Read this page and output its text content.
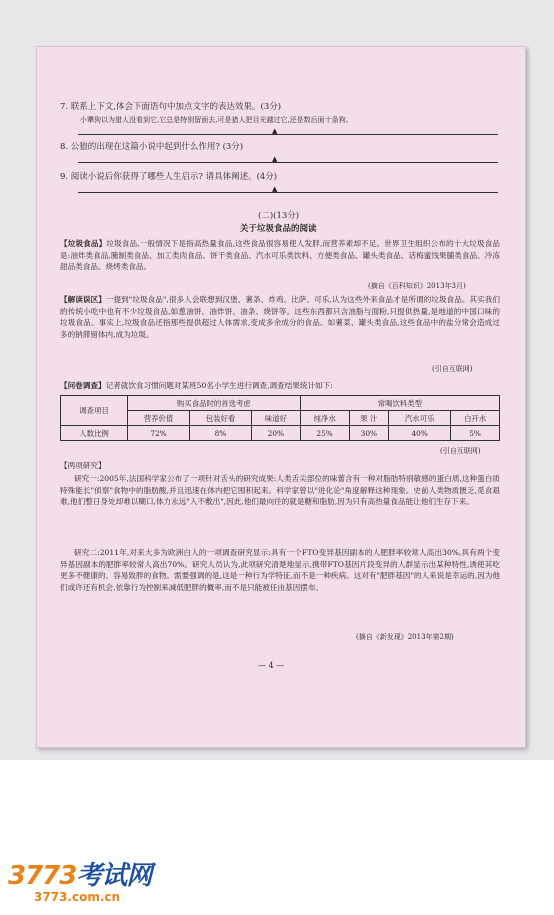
7. 联系上下文,体会下面语句中加点文字的表达效果。(3分)
小犟狗以为猎人没看到它,它总是特别留面去,可是猎人把目光越过它,还是数后面十条狗。
▲
8. 公狼的出现在这篇小说中起到什么作用? (3分)
▲
9. 阅读小说后你获得了哪些人生启示? 请具体阐述。(4分)
▲
(二)(13分)
关于垃圾食品的阅读
【垃圾食品】垃圾食品,一般情况下是指高热量食品,这些食品很容易使人发胖,而营养素却不足。世界卫生组织公布的十大垃圾食品是:油炸类食品,腌制类食品、加工类肉食品、饼干类食品、汽水可乐类饮料、方便类食品、罐头类食品、话梅蜜饯果脯类食品、冷冻甜品类食品、烧烤类食品。
(摘自《百科知识》2013年3月)
【解读误区】一提到"垃圾食品",很多人会联想到汉堡、薯条、炸鸡、比萨、可乐,认为这些外来食品才是所谓的垃圾食品。其实我们的传统小吃中也有不少垃圾食品,如葱油饼、油炸饼、油条、烧饼等。这些东西都只含油脂与面粉,只提供热量,是地道的中国口味的垃圾食品。事实上,垃圾食品还指那些提供超过人体需求,变成多余成分的食品。如薯菜、罐头类食品,这些食品中的盐分常会造成过多的钠滞留体内,成为垃圾。
(引自互联网)
【问卷调查】记者就饮食习惯问题对某班50名小学生进行调查,调查结果统计如下:
调查项目	购买食品时的首选考虑			常喝饮料类型			
	营养价值	包装好看	味道好	纯净水	果 汁	汽水可乐	白开水
人数比例	72%	8%	20%	25%	30%	40%	5%
(引自互联网)
【两项研究】
研究一:2005年,法国科学家公布了一项针对舌头的研究成果:人类舌尖部位的味蕾含有一种对脂肪特别敏感的蛋白质,这种蛋白质特殊能长"侦察"食物中的脂肪酸,并且迅速在体内把它囤积起来。科学家曾以"进化论"角度解释这种现象。史前人类物质匮乏,觅食艰难,他们整日身处却难以糊口,体力永远"入不敷出",因此,他们最向往的就是糖和脂肪,因为只有高热量食品能让他们生存下来。
研究二:2011年,对来大多为欧洲白人的一项调查研究显示:具有一个FTO变异基因副本的人肥胖率较常人高出30%,具有两个变异基因副本的肥胖率较常人高出70%。研究人员认为,此项研究清楚地显示,携带FTO基因片段变异的人群显示出某种特性,诱使其吃更多不健康的、容易致胖的食物。需要强调的是,这是一种行为学特征,而不是一种疾病。这对有"肥胖基因"的人来说是幸运的,因为他们或许还有机会,依靠行为控制来减低肥胖的概率,而不是只能被任由基因摆布。
(摘自《新发现》2013年第2期)
— 4 —
3773考试网
3773.com.cn
